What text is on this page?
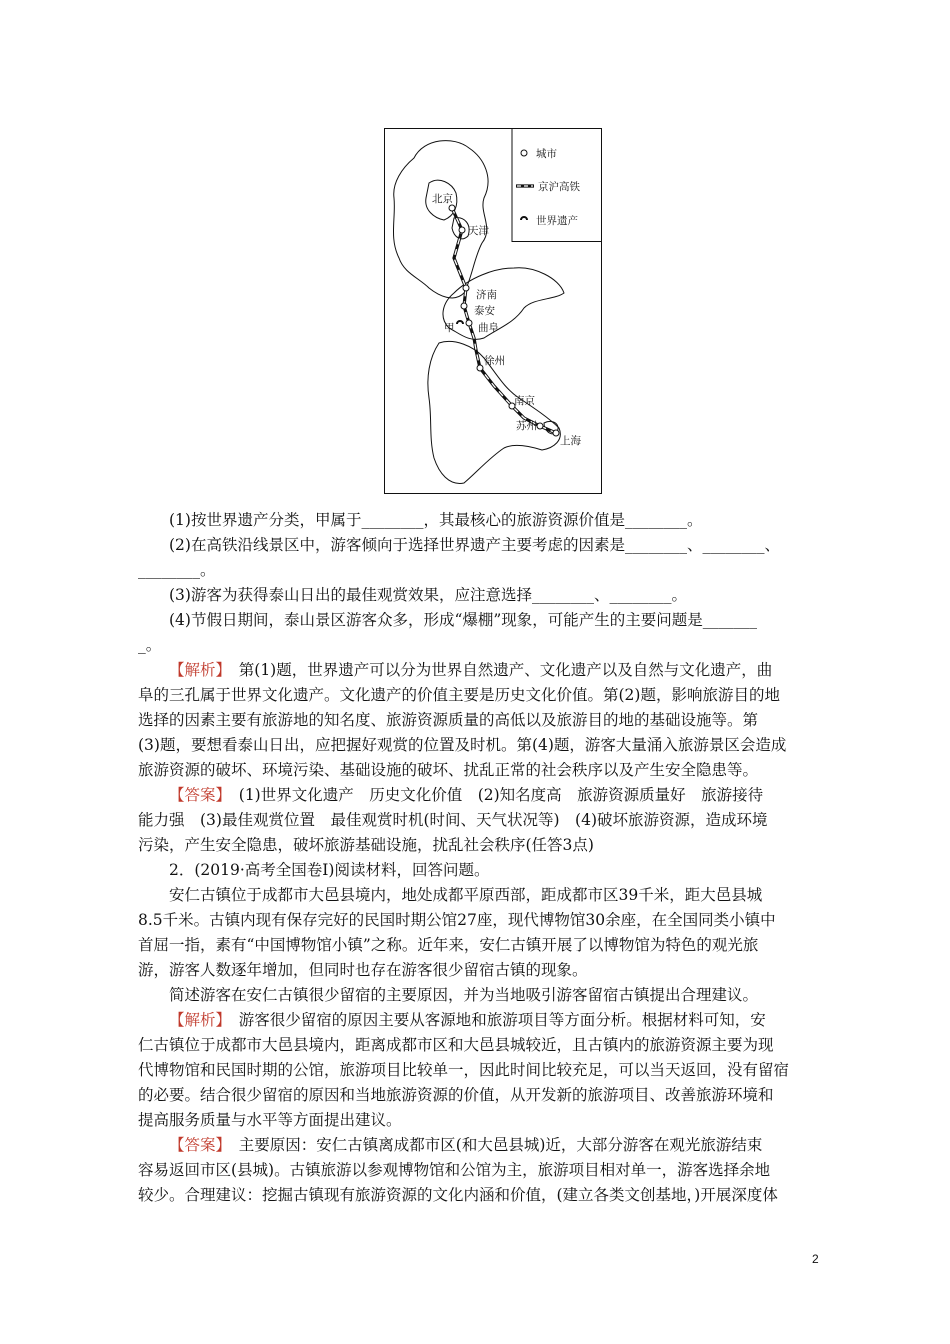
城市
京沪高铁
世界遗产
北京
天津
济南
泰安
曲阜
甲
徐州
南京
苏州
上海

(1)按世界遗产分类，甲属于________，其最核心的旅游资源价值是________。

(2)在高铁沿线景区中，游客倾向于选择世界遗产主要考虑的因素是________、________、

________。

(3)游客为获得泰山日出的最佳观赏效果，应注意选择________、________。

(4)节假日期间，泰山景区游客众多，形成“爆棚”现象，可能产生的主要问题是_______

_。

【解析】　第(1)题，世界遗产可以分为世界自然遗产、文化遗产以及自然与文化遗产，曲

阜的三孔属于世界文化遗产。文化遗产的价值主要是历史文化价值。第(2)题，影响旅游目的地

选择的因素主要有旅游地的知名度、旅游资源质量的高低以及旅游目的地的基础设施等。第

(3)题，要想看泰山日出，应把握好观赏的位置及时机。第(4)题，游客大量涌入旅游景区会造成

旅游资源的破坏、环境污染、基础设施的破坏、扰乱正常的社会秩序以及产生安全隐患等。

【答案】　(1)世界文化遗产　历史文化价值　(2)知名度高　旅游资源质量好　旅游接待

能力强　(3)最佳观赏位置　最佳观赏时机(时间、天气状况等)　(4)破坏旅游资源，造成环境

污染，产生安全隐患，破坏旅游基础设施，扰乱社会秩序(任答3点)

2．(2019·高考全国卷Ⅰ)阅读材料，回答问题。

　　安仁古镇位于成都市大邑县境内，地处成都平原西部，距成都市区39千米，距大邑县城

8.5千米。古镇内现有保存完好的民国时期公馆27座，现代博物馆30余座，在全国同类小镇中

首屈一指，素有“中国博物馆小镇”之称。近年来，安仁古镇开展了以博物馆为特色的观光旅

游，游客人数逐年增加，但同时也存在游客很少留宿古镇的现象。

　　简述游客在安仁古镇很少留宿的主要原因，并为当地吸引游客留宿古镇提出合理建议。

【解析】　游客很少留宿的原因主要从客源地和旅游项目等方面分析。根据材料可知，安

仁古镇位于成都市大邑县境内，距离成都市区和大邑县城较近，且古镇内的旅游资源主要为现

代博物馆和民国时期的公馆，旅游项目比较单一，因此时间比较充足，可以当天返回，没有留宿

的必要。结合很少留宿的原因和当地旅游资源的价值，从开发新的旅游项目、改善旅游环境和

提高服务质量与水平等方面提出建议。

【答案】　主要原因：安仁古镇离成都市区(和大邑县城)近，大部分游客在观光旅游结束

容易返回市区(县城)。古镇旅游以参观博物馆和公馆为主，旅游项目相对单一，游客选择余地

较少。合理建议：挖掘古镇现有旅游资源的文化内涵和价值，(建立各类文创基地，)开展深度体

2
